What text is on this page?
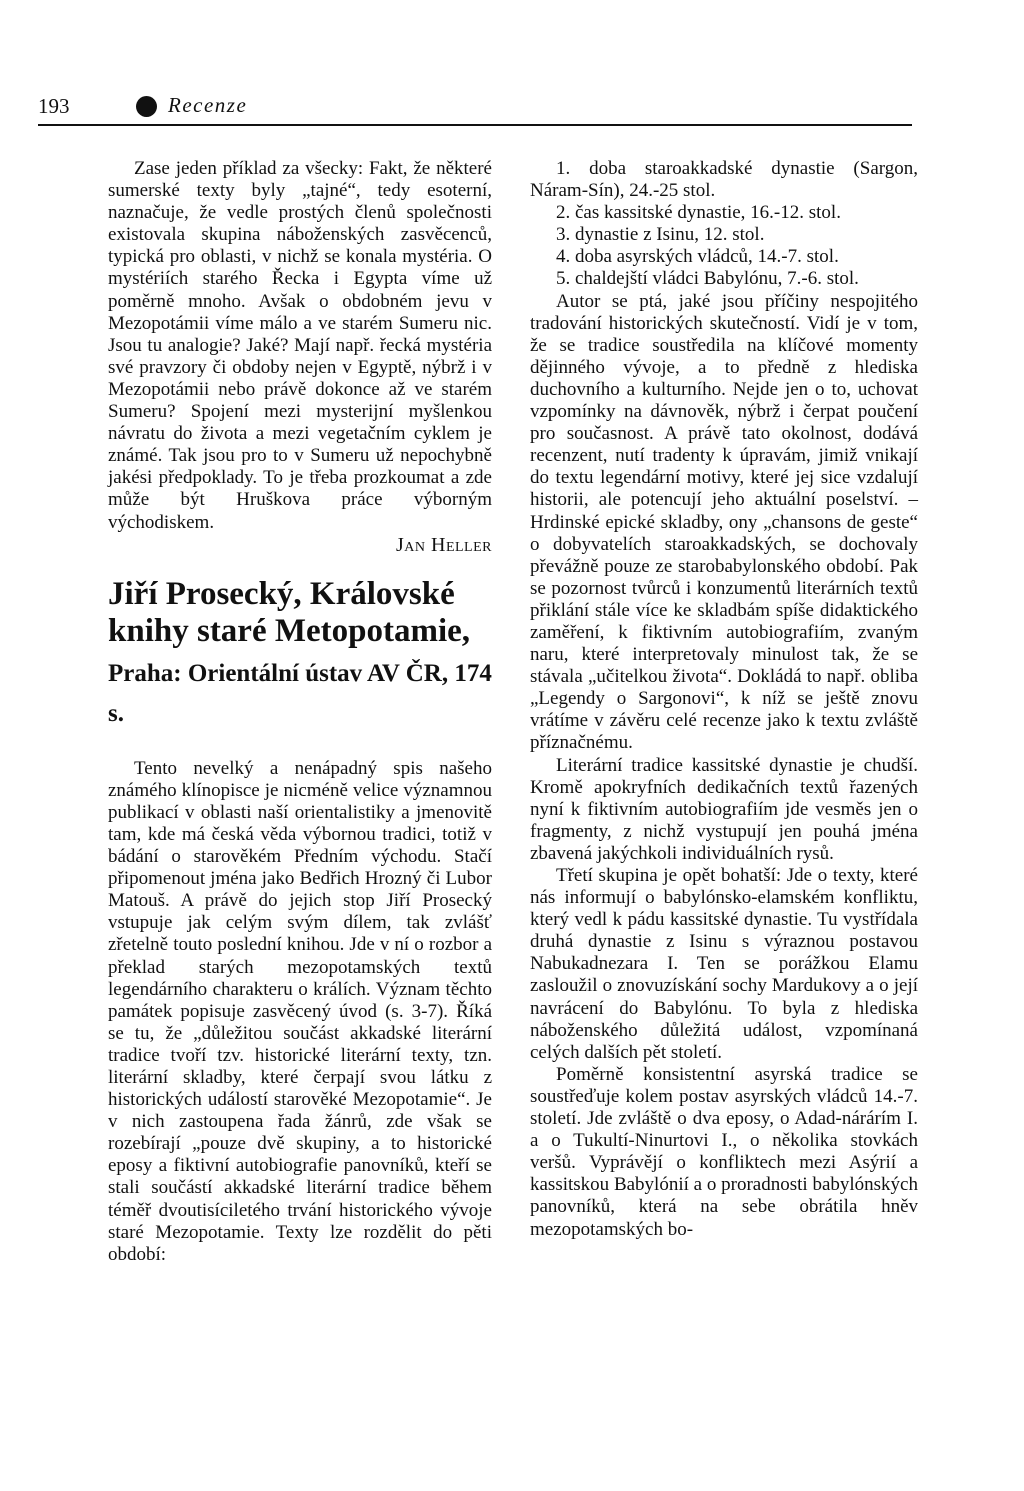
193	Recenze

Zase jeden příklad za všecky: Fakt, že některé sumerské texty byly „tajné“, tedy esoterní, naznačuje, že vedle prostých členů společnosti existovala skupina náboženských zasvěcenců, typická pro oblasti, v nichž se konala mystéria. O mystériích starého Řecka i Egypta víme už poměrně mnoho. Avšak o obdobném jevu v Mezopotámii víme málo a ve starém Sumeru nic. Jsou tu analogie? Jaké? Mají např. řecká mystéria své pravzory či obdoby nejen v Egyptě, nýbrž i v Mezopotámii nebo právě dokonce až ve starém Sumeru? Spojení mezi mysterijní myšlenkou návratu do života a mezi vegetačním cyklem je známé. Tak jsou pro to v Sumeru už nepochybně jakési předpoklady. To je třeba prozkoumat a zde může být Hruškova práce výborným východiskem.

Jan Heller

Jiří Prosecký, Královské knihy staré Metopotamie,
Praha: Orientální ústav AV ČR, 174 s.

Tento nevelký a nenápadný spis našeho známého klínopisce je nicméně velice významnou publikací v oblasti naší orientalistiky a jmenovitě tam, kde má česká věda výbornou tradici, totiž v bádání o starověkém Předním východu. Stačí připomenout jména jako Bedřich Hrozný či Lubor Matouš. A právě do jejich stop Jiří Prosecký vstupuje jak celým svým dílem, tak zvlášť zřetelně touto poslední knihou. Jde v ní o rozbor a překlad starých mezopotamských textů legendárního charakteru o králích. Význam těchto památek popisuje zasvěcený úvod (s. 3-7). Říká se tu, že „důležitou součást akkadské literární tradice tvoří tzv. historické literární texty, tzn. literární skladby, které čerpají svou látku z historických událostí starověké Mezopotamie“. Je v nich zastoupena řada žánrů, zde však se rozebírají „pouze dvě skupiny, a to historické eposy a fiktivní autobiografie panovníků, kteří se stali součástí akkadské literární tradice během téměř dvoutisíciletého trvání historického vývoje staré Mezopotamie. Texty lze rozdělit do pěti období:

1. doba staroakkadské dynastie (Sargon, Náram-Sín), 24.-25 stol.
2. čas kassitské dynastie, 16.-12. stol.
3. dynastie z Isinu, 12. stol.
4. doba asyrských vládců, 14.-7. stol.
5. chaldejští vládci Babylónu, 7.-6. stol.

Autor se ptá, jaké jsou příčiny nespojitého tradování historických skutečností. Vidí je v tom, že se tradice soustředila na klíčové momenty dějinného vývoje, a to předně z hlediska duchovního a kulturního. Nejde jen o to, uchovat vzpomínky na dávnověk, nýbrž i čerpat poučení pro současnost. A právě tato okolnost, dodává recenzent, nutí tradenty k úpravám, jimiž vnikají do textu legendární motivy, které jej sice vzdalují historii, ale potencují jeho aktuální poselství. – Hrdinské epické skladby, ony „chansons de geste“ o dobyvatelích staroakkadských, se dochovaly převážně pouze ze starobabylonského období. Pak se pozornost tvůrců i konzumentů literárních textů přiklání stále více ke skladbám spíše didaktického zaměření, k fiktivním autobiografiím, zvaným naru, které interpretovaly minulost tak, že se stávala „učitelkou života“. Dokládá to např. obliba „Legendy o Sargonovi“, k níž se ještě znovu vrátíme v závěru celé recenze jako k textu zvláště příznačnému.

Literární tradice kassitské dynastie je chudší. Kromě apokryfních dedikačních textů řazených nyní k fiktivním autobiografiím jde vesměs jen o fragmenty, z nichž vystupují jen pouhá jména zbavená jakýchkoli individuálních rysů.

Třetí skupina je opět bohatší: Jde o texty, které nás informují o babylónsko-elamském konfliktu, který vedl k pádu kassitské dynastie. Tu vystřídala druhá dynastie z Isinu s výraznou postavou Nabukadnezara I. Ten se porážkou Elamu zasloužil o znovuzískání sochy Mardukovy a o její navrácení do Babylónu. To byla z hlediska náboženského důležitá událost, vzpomínaná celých dalších pět století.

Poměrně konsistentní asyrská tradice se soustřeďuje kolem postav asyrských vládců 14.-7. století. Jde zvláště o dva eposy, o Adad-nárárím I. a o Tukultí-Ninurtovi I., o několika stovkách veršů. Vyprávějí o konfliktech mezi Asýrií a kassitskou Babylónií a o proradnosti babylónských panovníků, která na sebe obrátila hněv mezopotamských bo-
